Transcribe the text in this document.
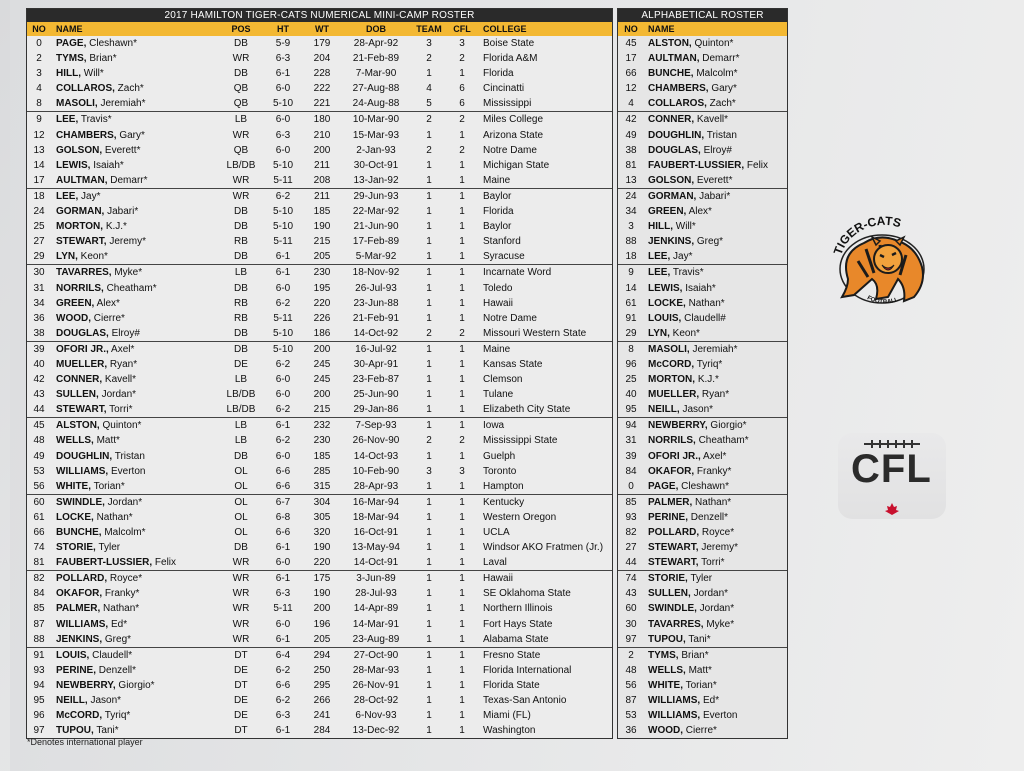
2017 HAMILTON TIGER-CATS NUMERICAL MINI-CAMP ROSTER
NO	NAME	POS	HT	WT	DOB	TEAM	CFL	COLLEGE
0	PAGE, Cleshawn*	DB	5-9	179	28-Apr-92	3	3	Boise State
2	TYMS, Brian*	WR	6-3	204	21-Feb-89	2	2	Florida A&M
3	HILL, Will*	DB	6-1	228	7-Mar-90	1	1	Florida
4	COLLAROS, Zach*	QB	6-0	222	27-Aug-88	4	6	Cincinatti
8	MASOLI, Jeremiah*	QB	5-10	221	24-Aug-88	5	6	Mississippi
9	LEE, Travis*	LB	6-0	180	10-Mar-90	2	2	Miles College
12	CHAMBERS, Gary*	WR	6-3	210	15-Mar-93	1	1	Arizona State
13	GOLSON, Everett*	QB	6-0	200	2-Jan-93	2	2	Notre Dame
14	LEWIS, Isaiah*	LB/DB	5-10	211	30-Oct-91	1	1	Michigan State
17	AULTMAN, Demarr*	WR	5-11	208	13-Jan-92	1	1	Maine
18	LEE, Jay*	WR	6-2	211	29-Jun-93	1	1	Baylor
24	GORMAN, Jabari*	DB	5-10	185	22-Mar-92	1	1	Florida
25	MORTON, K.J.*	DB	5-10	190	21-Jun-90	1	1	Baylor
27	STEWART, Jeremy*	RB	5-11	215	17-Feb-89	1	1	Stanford
29	LYN, Keon*	DB	6-1	205	5-Mar-92	1	1	Syracuse
30	TAVARRES, Myke*	LB	6-1	230	18-Nov-92	1	1	Incarnate Word
31	NORRILS, Cheatham*	DB	6-0	195	26-Jul-93	1	1	Toledo
34	GREEN, Alex*	RB	6-2	220	23-Jun-88	1	1	Hawaii
36	WOOD, Cierre*	RB	5-11	226	21-Feb-91	1	1	Notre Dame
38	DOUGLAS, Elroy#	DB	5-10	186	14-Oct-92	2	2	Missouri Western State
39	OFORI JR., Axel*	DB	5-10	200	16-Jul-92	1	1	Maine
40	MUELLER, Ryan*	DE	6-2	245	30-Apr-91	1	1	Kansas State
42	CONNER, Kavell*	LB	6-0	245	23-Feb-87	1	1	Clemson
43	SULLEN, Jordan*	LB/DB	6-0	200	25-Jun-90	1	1	Tulane
44	STEWART, Torri*	LB/DB	6-2	215	29-Jan-86	1	1	Elizabeth City State
45	ALSTON, Quinton*	LB	6-1	232	7-Sep-93	1	1	Iowa
48	WELLS, Matt*	LB	6-2	230	26-Nov-90	2	2	Mississippi State
49	DOUGHLIN, Tristan	DB	6-0	185	14-Oct-93	1	1	Guelph
53	WILLIAMS, Everton	OL	6-6	285	10-Feb-90	3	3	Toronto
56	WHITE, Torian*	OL	6-6	315	28-Apr-93	1	1	Hampton
60	SWINDLE, Jordan*	OL	6-7	304	16-Mar-94	1	1	Kentucky
61	LOCKE, Nathan*	OL	6-8	305	18-Mar-94	1	1	Western Oregon
66	BUNCHE, Malcolm*	OL	6-6	320	16-Oct-91	1	1	UCLA
74	STORIE, Tyler	DB	6-1	190	13-May-94	1	1	Windsor AKO Fratmen (Jr.)
81	FAUBERT-LUSSIER, Felix	WR	6-0	220	14-Oct-91	1	1	Laval
82	POLLARD, Royce*	WR	6-1	175	3-Jun-89	1	1	Hawaii
84	OKAFOR, Franky*	WR	6-3	190	28-Jul-93	1	1	SE Oklahoma State
85	PALMER, Nathan*	WR	5-11	200	14-Apr-89	1	1	Northern Illinois
87	WILLIAMS, Ed*	WR	6-0	196	14-Mar-91	1	1	Fort Hays State
88	JENKINS, Greg*	WR	6-1	205	23-Aug-89	1	1	Alabama State
91	LOUIS, Claudell*	DT	6-4	294	27-Oct-90	1	1	Fresno State
93	PERINE, Denzell*	DE	6-2	250	28-Mar-93	1	1	Florida International
94	NEWBERRY, Giorgio*	DT	6-6	295	26-Nov-91	1	1	Florida State
95	NEILL, Jason*	DE	6-2	266	28-Oct-92	1	1	Texas-San Antonio
96	McCORD, Tyriq*	DE	6-3	241	6-Nov-93	1	1	Miami (FL)
97	TUPOU, Tani*	DT	6-1	284	13-Dec-92	1	1	Washington
ALPHABETICAL ROSTER
NO	NAME
45	ALSTON, Quinton*
17	AULTMAN, Demarr*
66	BUNCHE, Malcolm*
12	CHAMBERS, Gary*
4	COLLAROS, Zach*
42	CONNER, Kavell*
49	DOUGHLIN, Tristan
38	DOUGLAS, Elroy#
81	FAUBERT-LUSSIER, Felix
13	GOLSON, Everett*
24	GORMAN, Jabari*
34	GREEN, Alex*
3	HILL, Will*
88	JENKINS, Greg*
18	LEE, Jay*
9	LEE, Travis*
14	LEWIS, Isaiah*
61	LOCKE, Nathan*
91	LOUIS, Claudell#
29	LYN, Keon*
8	MASOLI, Jeremiah*
96	McCORD, Tyriq*
25	MORTON, K.J.*
40	MUELLER, Ryan*
95	NEILL, Jason*
94	NEWBERRY, Giorgio*
31	NORRILS, Cheatham*
39	OFORI JR., Axel*
84	OKAFOR, Franky*
0	PAGE, Cleshawn*
85	PALMER, Nathan*
93	PERINE, Denzell*
82	POLLARD, Royce*
27	STEWART, Jeremy*
44	STEWART, Torri*
74	STORIE, Tyler
43	SULLEN, Jordan*
60	SWINDLE, Jordan*
30	TAVARRES, Myke*
97	TUPOU, Tani*
2	TYMS, Brian*
48	WELLS, Matt*
56	WHITE, Torian*
87	WILLIAMS, Ed*
53	WILLIAMS, Everton
36	WOOD, Cierre*
*Denotes international player
TIGER-CATS
FOOTBALL
CFL
